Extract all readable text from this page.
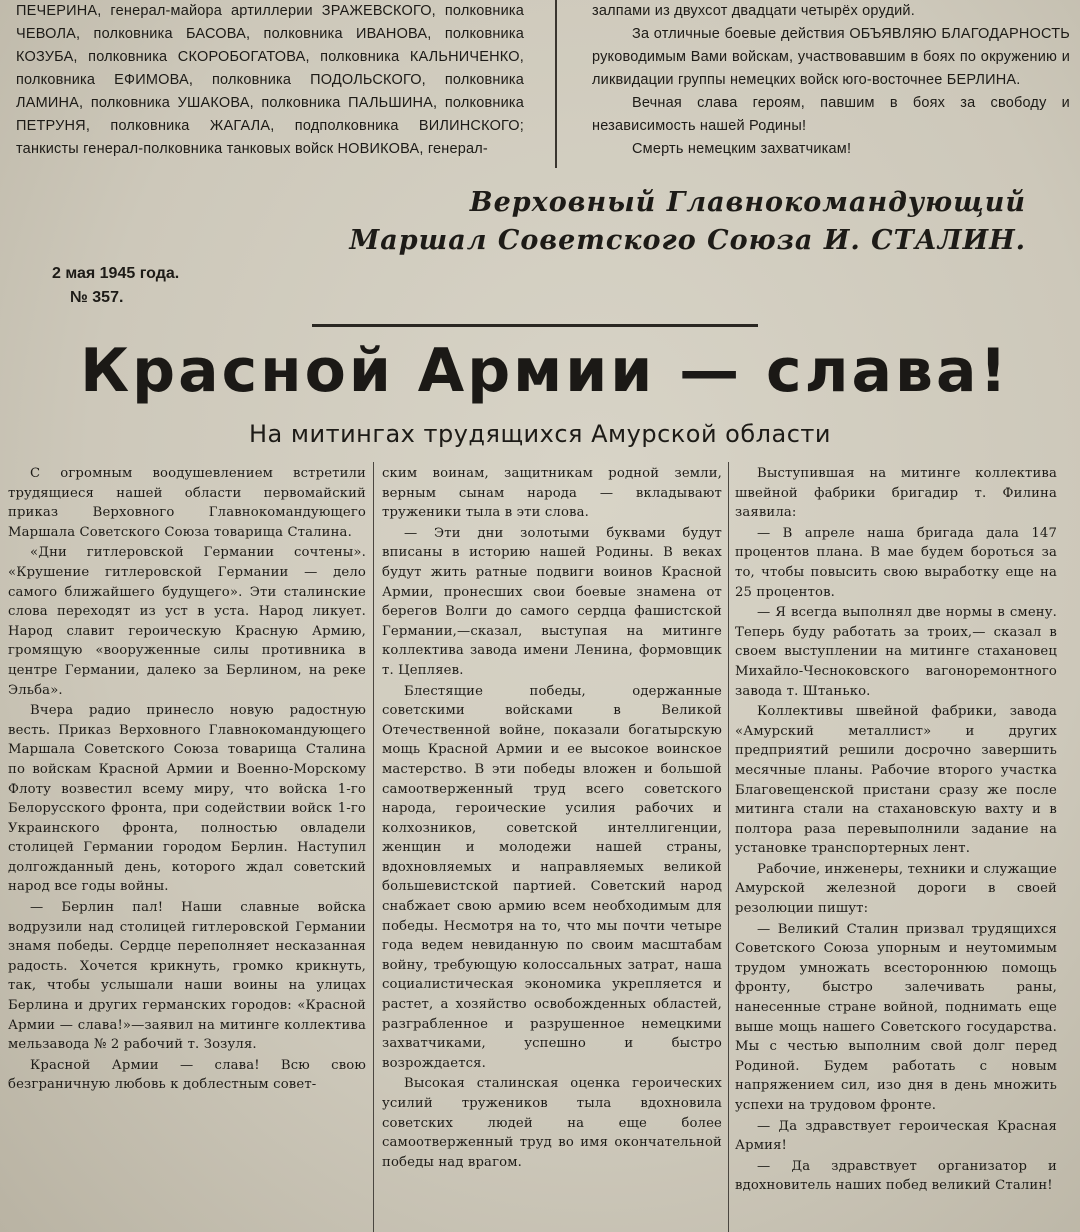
ПЕЧЕРИНА, генерал-майора артиллерии ЗРАЖЕВСКОГО, полковника ЧЕВОЛА, полковника БАСОВА, полковника ИВАНОВА, полковника КОЗУБА, полковника СКОРОБОГАТОВА, полковника КАЛЬНИЧЕНКО, полковника ЕФИМОВА, полковника ПОДОЛЬСКОГО, полковника ЛАМИНА, полковника УШАКОВА, полковника ПАЛЬШИНА, полковника ПЕТРУНЯ, полковника ЖАГАЛА, подполковника ВИЛИНСКОГО; танкисты генерал-полковника танковых войск НОВИКОВА, генерал-

залпами из двухсот двадцати четырёх орудий.

За отличные боевые действия ОБЪЯВЛЯЮ БЛАГОДАРНОСТЬ руководимым Вами войскам, участвовавшим в боях по окружению и ликвидации группы немецких войск юго-восточнее БЕРЛИНА.

Вечная слава героям, павшим в боях за свободу и независимость нашей Родины!

Смерть немецким захватчикам!

Верховный Главнокомандующий
Маршал Советского Союза И. СТАЛИН.
2 мая 1945 года.
№ 357.
Красной Армии — слава!
На митингах трудящихся Амурской области

С огромным воодушевлением встретили трудящиеся нашей области первомайский приказ Верховного Главнокомандующего Маршала Советского Союза товарища Сталина.

«Дни гитлеровской Германии сочтены». «Крушение гитлеровской Германии — дело самого ближайшего будущего». Эти сталинские слова переходят из уст в уста. Народ ликует. Народ славит героическую Красную Армию, громящую «вооруженные силы противника в центре Германии, далеко за Берлином, на реке Эльба».

Вчера радио принесло новую радостную весть. Приказ Верховного Главнокомандующего Маршала Советского Союза товарища Сталина по войскам Красной Армии и Военно-Морскому Флоту возвестил всему миру, что войска 1-го Белорусского фронта, при содействии войск 1-го Украинского фронта, полностью овладели столицей Германии городом Берлин. Наступил долгожданный день, которого ждал советский народ все годы войны.

— Берлин пал! Наши славные войска водрузили над столицей гитлеровской Германии знамя победы. Сердце переполняет несказанная радость. Хочется крикнуть, громко крикнуть, так, чтобы услышали наши воины на улицах Берлина и других германских городов: «Красной Армии — слава!»—заявил на митинге коллектива мельзавода № 2 рабочий т. Зозуля.

Красной Армии — слава! Всю свою безграничную любовь к доблестным совет-

ским воинам, защитникам родной земли, верным сынам народа — вкладывают труженики тыла в эти слова.

— Эти дни золотыми буквами будут вписаны в историю нашей Родины. В веках будут жить ратные подвиги воинов Красной Армии, пронесших свои боевые знамена от берегов Волги до самого сердца фашистской Германии,—сказал, выступая на митинге коллектива завода имени Ленина, формовщик т. Цепляев.

Блестящие победы, одержанные советскими войсками в Великой Отечественной войне, показали богатырскую мощь Красной Армии и ее высокое воинское мастерство. В эти победы вложен и большой самоотверженный труд всего советского народа, героические усилия рабочих и колхозников, советской интеллигенции, женщин и молодежи нашей страны, вдохновляемых и направляемых великой большевистской партией. Советский народ снабжает свою армию всем необходимым для победы. Несмотря на то, что мы почти четыре года ведем невиданную по своим масштабам войну, требующую колоссальных затрат, наша социалистическая экономика укрепляется и растет, а хозяйство освобожденных областей, разграбленное и разрушенное немецкими захватчиками, успешно и быстро возрождается.

Высокая сталинская оценка героических усилий тружеников тыла вдохновила советских людей на еще более самоотверженный труд во имя окончательной победы над врагом.

Выступившая на митинге коллектива швейной фабрики бригадир т. Филина заявила:

— В апреле наша бригада дала 147 процентов плана. В мае будем бороться за то, чтобы повысить свою выработку еще на 25 процентов.

— Я всегда выполнял две нормы в смену. Теперь буду работать за троих,— сказал в своем выступлении на митинге стахановец Михайло-Чесноковского вагоноремонтного завода т. Штанько.

Коллективы швейной фабрики, завода «Амурский металлист» и других предприятий решили досрочно завершить месячные планы. Рабочие второго участка Благовещенской пристани сразу же после митинга стали на стахановскую вахту и в полтора раза перевыполнили задание на установке транспортерных лент.

Рабочие, инженеры, техники и служащие Амурской железной дороги в своей резолюции пишут:

— Великий Сталин призвал трудящихся Советского Союза упорным и неутомимым трудом умножать всестороннюю помощь фронту, быстро залечивать раны, нанесенные стране войной, поднимать еще выше мощь нашего Советского государства. Мы с честью выполним свой долг перед Родиной. Будем работать с новым напряжением сил, изо дня в день множить успехи на трудовом фронте.

— Да здравствует героическая Красная Армия!

— Да здравствует организатор и вдохновитель наших побед великий Сталин!
